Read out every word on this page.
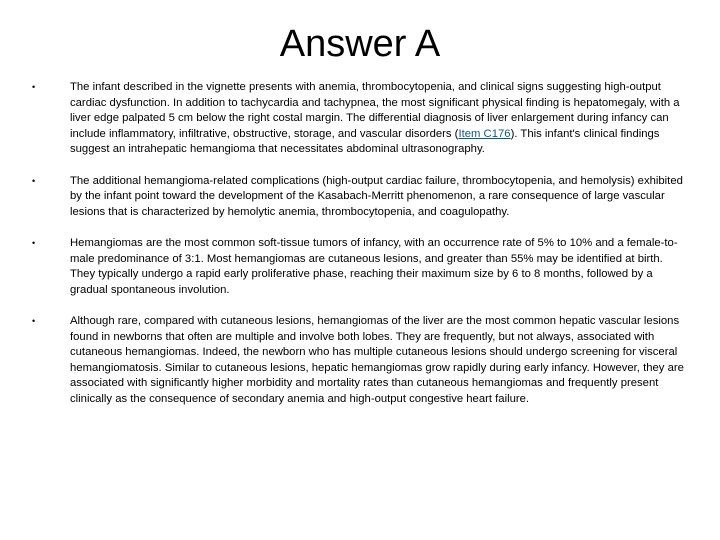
Answer A
•	The infant described in the vignette presents with anemia, thrombocytopenia, and clinical signs suggesting high-output cardiac dysfunction. In addition to tachycardia and tachypnea, the most significant physical finding is hepatomegaly, with a liver edge palpated 5 cm below the right costal margin. The differential diagnosis of liver enlargement during infancy can include inflammatory, infiltrative, obstructive, storage, and vascular disorders (Item C176). This infant's clinical findings suggest an intrahepatic hemangioma that necessitates abdominal ultrasonography.
•	The additional hemangioma-related complications (high-output cardiac failure, thrombocytopenia, and hemolysis) exhibited by the infant point toward the development of the Kasabach-Merritt phenomenon, a rare consequence of large vascular lesions that is characterized by hemolytic anemia, thrombocytopenia, and coagulopathy.
•	Hemangiomas are the most common soft-tissue tumors of infancy, with an occurrence rate of 5% to 10% and a female-to-male predominance of 3:1. Most hemangiomas are cutaneous lesions, and greater than 55% may be identified at birth. They typically undergo a rapid early proliferative phase, reaching their maximum size by 6 to 8 months, followed by a gradual spontaneous involution.
•	Although rare, compared with cutaneous lesions, hemangiomas of the liver are the most common hepatic vascular lesions found in newborns that often are multiple and involve both lobes. They are frequently, but not always, associated with cutaneous hemangiomas. Indeed, the newborn who has multiple cutaneous lesions should undergo screening for visceral hemangiomatosis. Similar to cutaneous lesions, hepatic hemangiomas grow rapidly during early infancy. However, they are associated with significantly higher morbidity and mortality rates than cutaneous hemangiomas and frequently present clinically as the consequence of secondary anemia and high-output congestive heart failure.
